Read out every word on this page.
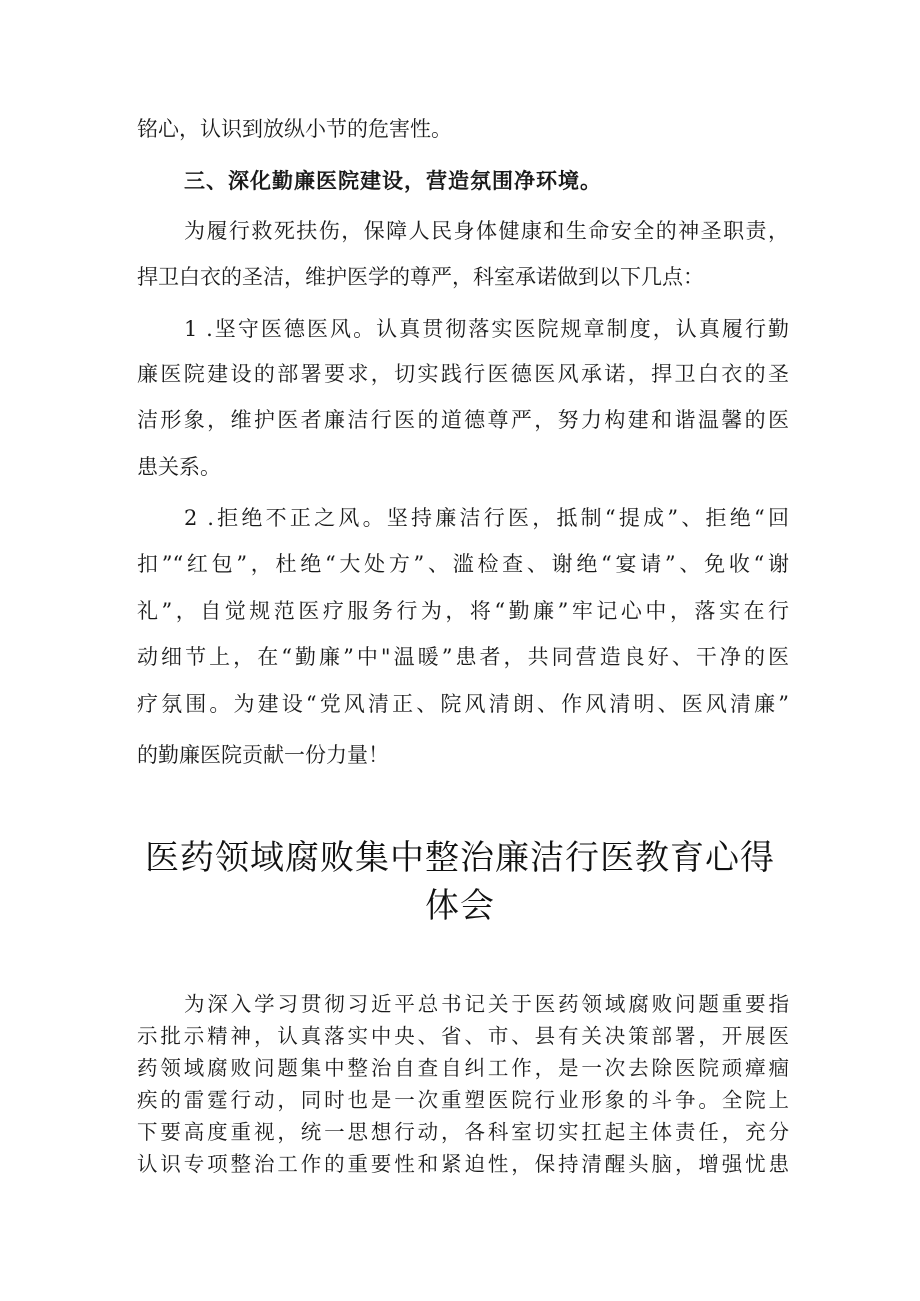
铭心，认识到放纵小节的危害性。
三、深化勤廉医院建设，营造氛围净环境。
为履行救死扶伤，保障人民身体健康和生命安全的神圣职责，
捍卫白衣的圣洁，维护医学的尊严，科室承诺做到以下几点：
1 .坚守医德医风。认真贯彻落实医院规章制度，认真履行勤
廉医院建设的部署要求，切实践行医德医风承诺，捍卫白衣的圣
洁形象，维护医者廉洁行医的道德尊严，努力构建和谐温馨的医
患关系。
2 .拒绝不正之风。坚持廉洁行医，抵制“提成”、拒绝“回
扣”“红包”，杜绝“大处方”、滥检查、谢绝“宴请”、免收“谢
礼”，自觉规范医疗服务行为，将“勤廉”牢记心中，落实在行
动细节上，在“勤廉”中"温暖”患者，共同营造良好、干净的医
疗氛围。为建设“党风清正、院风清朗、作风清明、医风清廉”
的勤廉医院贡献一份力量！
医药领域腐败集中整治廉洁行医教育心得
体会
为深入学习贯彻习近平总书记关于医药领域腐败问题重要指
示批示精神，认真落实中央、省、市、县有关决策部署，开展医
药领域腐败问题集中整治自查自纠工作，是一次去除医院顽瘴痼
疾的雷霆行动，同时也是一次重塑医院行业形象的斗争。全院上
下要高度重视，统一思想行动，各科室切实扛起主体责任，充分
认识专项整治工作的重要性和紧迫性，保持清醒头脑，增强忧患
